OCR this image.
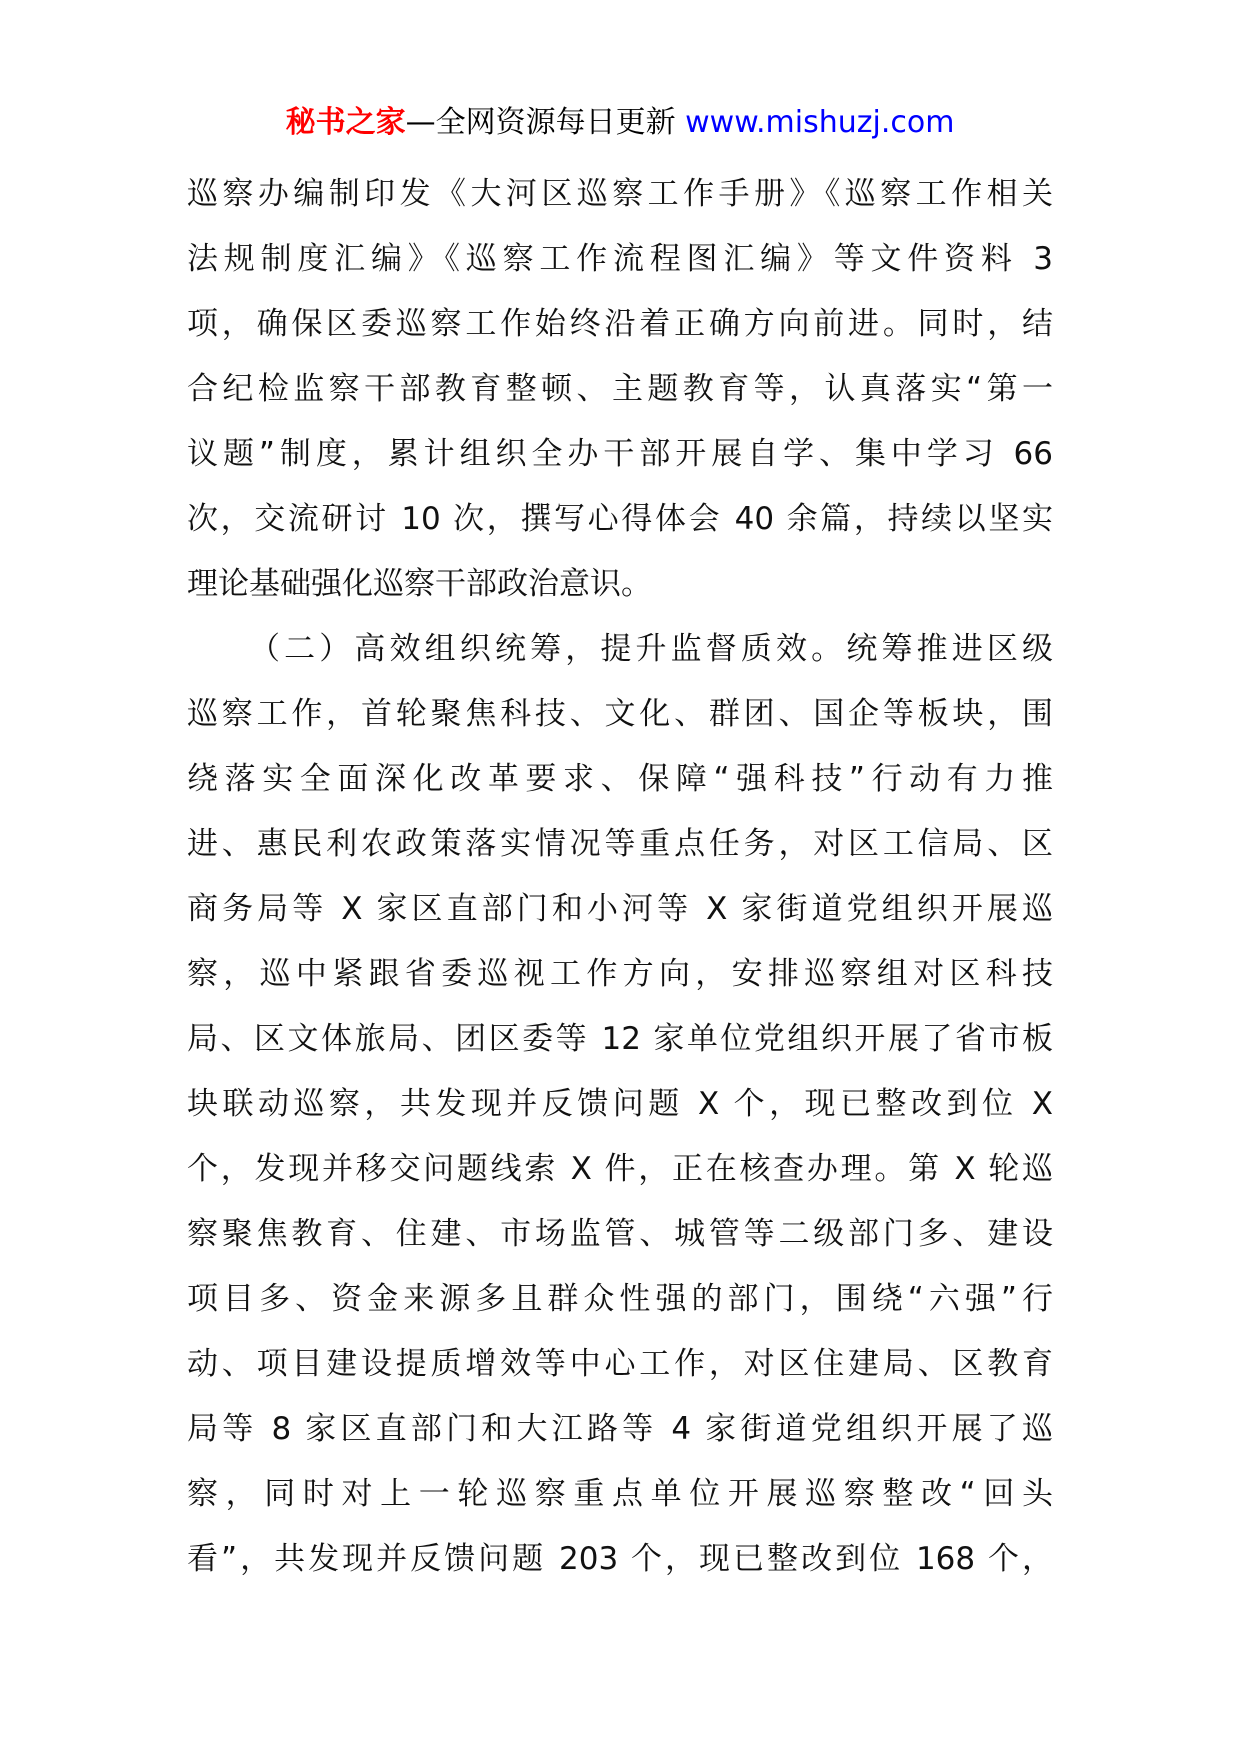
秘书之家—全网资源每日更新 www.mishuzj.com
巡察办编制印发《大河区巡察工作手册》《巡察工作相关
法规制度汇编》《巡察工作流程图汇编》等文件资料 3
项，确保区委巡察工作始终沿着正确方向前进。同时，结
合纪检监察干部教育整顿、主题教育等，认真落实“第一
议题”制度，累计组织全办干部开展自学、集中学习 66
次，交流研讨 10 次，撰写心得体会 40 余篇，持续以坚实
理论基础强化巡察干部政治意识。
（二）高效组织统筹，提升监督质效。统筹推进区级
巡察工作，首轮聚焦科技、文化、群团、国企等板块，围
绕落实全面深化改革要求、保障“强科技”行动有力推
进、惠民利农政策落实情况等重点任务，对区工信局、区
商务局等 X 家区直部门和小河等 X 家街道党组织开展巡
察，巡中紧跟省委巡视工作方向，安排巡察组对区科技
局、区文体旅局、团区委等 12 家单位党组织开展了省市板
块联动巡察，共发现并反馈问题 X 个，现已整改到位 X
个，发现并移交问题线索 X 件，正在核查办理。第 X 轮巡
察聚焦教育、住建、市场监管、城管等二级部门多、建设
项目多、资金来源多且群众性强的部门，围绕“六强”行
动、项目建设提质增效等中心工作，对区住建局、区教育
局等 8 家区直部门和大江路等 4 家街道党组织开展了巡
察，同时对上一轮巡察重点单位开展巡察整改“回头
看”，共发现并反馈问题 203 个，现已整改到位 168 个，
